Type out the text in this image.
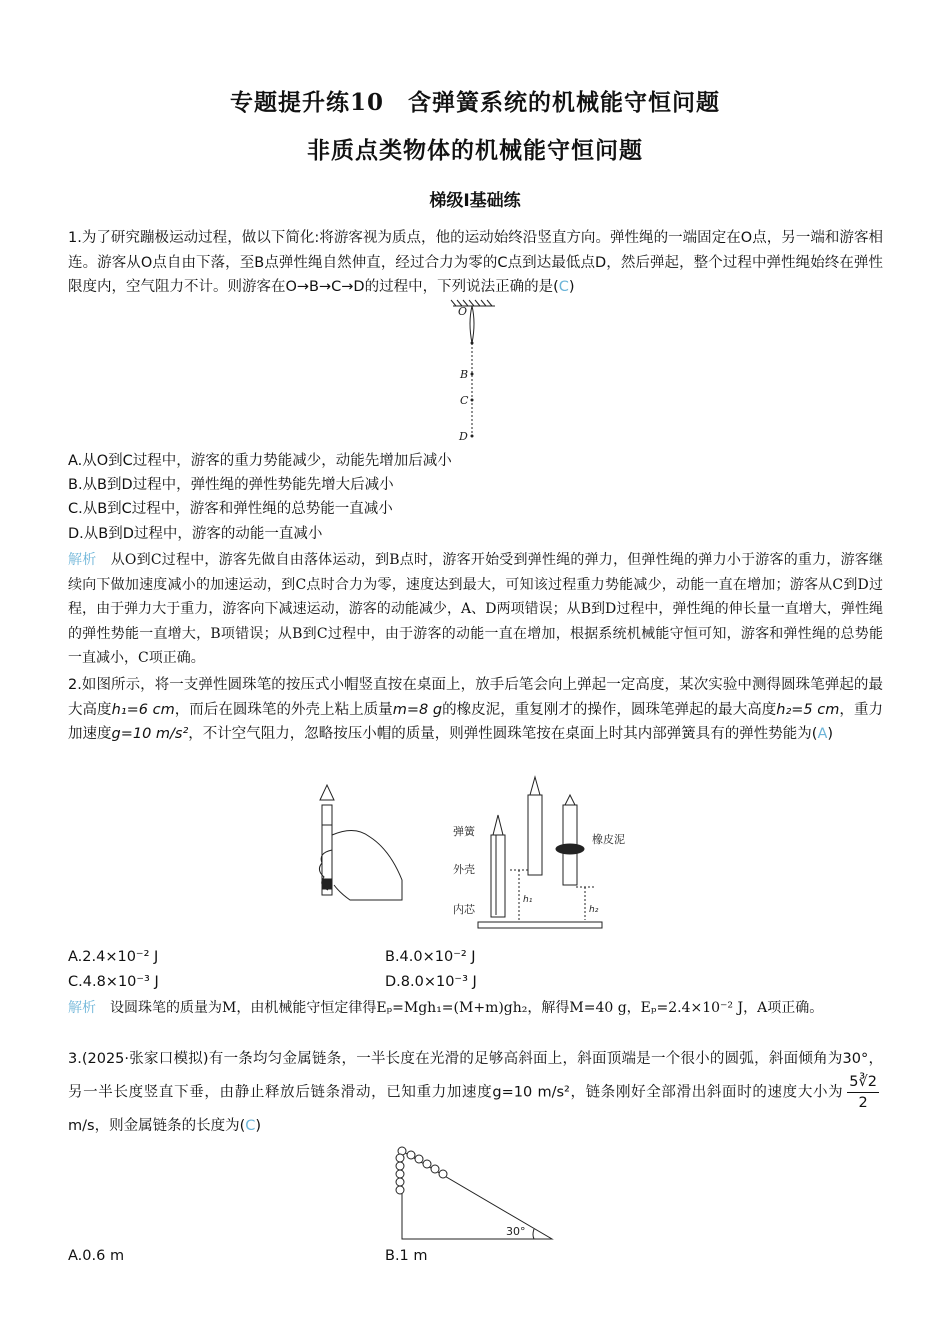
专题提升练10　含弹簧系统的机械能守恒问题
非质点类物体的机械能守恒问题
梯级Ⅰ基础练
1.为了研究蹦极运动过程，做以下简化:将游客视为质点，他的运动始终沿竖直方向。弹性绳的一端固定在O点，另一端和游客相连。游客从O点自由下落，至B点弹性绳自然伸直，经过合力为零的C点到达最低点D，然后弹起，整个过程中弹性绳始终在弹性限度内，空气阻力不计。则游客在O→B→C→D的过程中，下列说法正确的是(C)
O
B
C
D
A.从O到C过程中，游客的重力势能减少，动能先增加后减小
B.从B到D过程中，弹性绳的弹性势能先增大后减小
C.从B到C过程中，游客和弹性绳的总势能一直减小
D.从B到D过程中，游客的动能一直减小
解析　 从O到C过程中，游客先做自由落体运动，到B点时，游客开始受到弹性绳的弹力，但弹性绳的弹力小于游客的重力，游客继续向下做加速度减小的加速运动，到C点时合力为零，速度达到最大，可知该过程重力势能减少，动能一直在增加；游客从C到D过程，由于弹力大于重力，游客向下减速运动，游客的动能减少，A、D两项错误；从B到D过程中，弹性绳的伸长量一直增大，弹性绳的弹性势能一直增大，B项错误；从B到C过程中，由于游客的动能一直在增加，根据系统机械能守恒可知，游客和弹性绳的总势能一直减小，C项正确。
2.如图所示，将一支弹性圆珠笔的按压式小帽竖直按在桌面上，放手后笔会向上弹起一定高度，某次实验中测得圆珠笔弹起的最大高度h₁=6 cm，而后在圆珠笔的外壳上粘上质量m=8 g的橡皮泥，重复刚才的操作，圆珠笔弹起的最大高度h₂=5 cm，重力加速度g=10 m/s²，不计空气阻力，忽略按压小帽的质量，则弹性圆珠笔按在桌面上时其内部弹簧具有的弹性势能为(A)
弹簧
外壳
内芯
橡皮泥
h₁
h₂
A.2.4×10⁻² J	B.4.0×10⁻² J
C.4.8×10⁻³ J	D.8.0×10⁻³ J
解析　 设圆珠笔的质量为M，由机械能守恒定律得Eₚ=Mgh₁=(M+m)gh₂，解得M=40 g，Eₚ=2.4×10⁻² J，A项正确。
3.(2025·张家口模拟)有一条均匀金属链条，一半长度在光滑的足够高斜面上，斜面顶端是一个很小的圆弧，斜面倾角为30°，另一半长度竖直下垂，由静止释放后链条滑动，已知重力加速度g=10 m/s²，链条刚好全部滑出斜面时的速度大小为 $\frac{5∛2}{2}$
m/s，则金属链条的长度为(C)
30°
A.0.6 m	B.1 m
